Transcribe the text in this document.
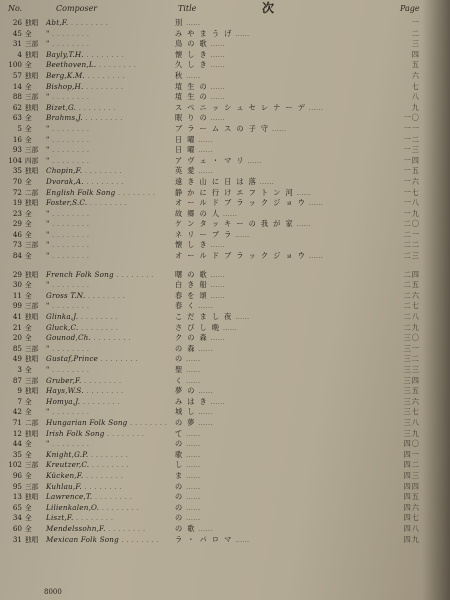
No.	Composer	Title	次	Page
26 独唱	Abt,F. . . .	別 ……	一
45 全	" . . .	み や ま う げ ……	二
31 三部	" . . .	鳥 の 歌 ……	三
4 独唱	Bayly,T.H. . . .	懐 し き ……	四
100 全	Beethoven,L. . . .	久 し き ……	五
57 独唱	Berg,K.M. . . .	秋 ……	六
14 全	Bishop,H. . . .	埴 生 の ……	七
88 三部	" . . .	埴 生 の ……	八
62 独唱	Bizet,G. . . .	ス ぺ ニ ッ シ ュ セ レ ナ ー デ ……	九
63 全	Brahms,J. . . .	眠 り の ……	一〇
5 全	" . . .	ブ ラ ー ム ス の 子 守 ……	一一
16 全	" . . .	日 曜 ……	一二
93 三部	" . . .	日 曜 ……	一三
104 四部	" . . .	ア ヴ ェ ・ マ リ ……	一四
35 独唱	Chopin,F. . . .	英 愛 ……	一五
70 全	Dvorak,A. . . .	遠 き 山 に 日 は 落 ……	一六
72 二部	English Folk Song . . .	静 か に 行 け エ フ ト ン 河 ……	一七
19 独唱	Foster,S.C. . . .	オ ー ル ド ブ ラ ッ ク ジ ョ ウ ……	一八
23 全	" . . .	故 郷 の 人 ……	一九
29 全	" . . .	ケ ン タ ッ キ ー の 我 が 家 ……	二〇
46 全	" . . .	ネ リ ー ブ ラ ……	二一
73 三部	" . . .	懐 し き ……	二二
84 全	" . . .	オ ー ル ド ブ ラ ッ ク ジ ョ ウ ……	二三
29 独唱	French Folk Song . . .	曙 の 歌 ……	二四
30 全	" . . .	白 き 船 ……	二五
11 全	Gross T.N. . . .	春 を 頌 ……	二六
99 三部	" . . .	春 く ……	二七
41 独唱	Glinka,J. . . .	こ だ ま し 夜 ……	二八
21 全	Gluck,C. . . .	さ び し 晩 ……	二九
20 全	Gounod,Ch. . . .	ク の 森 ……	三〇
85 三部	" . . .	の 森 ……	三一
49 独唱	Gustaf,Prince . . .	の ……	三二
3 全	" . . .	聖 ……	三三
87 三部	Gruber,F. . . .	く ……	三四
9 独唱	Hays,W.S. . . .	夢 の ……	三五
7 全	Homya,J. . . .	み は き ……	三六
42 全	" . . .	城 し ……	三七
71 二部	Hungarian Folk Song . . .	の 夢 ……	三八
12 独唱	Irish Folk Song . . .	て ……	三九
44 全	" . . .	の ……	四〇
35 全	Knight,G.P. . . .	歌 ……	四一
102 三部	Kreutzer,C. . . .	し ……	四二
96 全	Kücken,F. . . .	ま ……	四三
95 三部	Kuhlau,F. . . .	の ……	四四
13 独唱	Lawrence,T. . . .	の ……	四五
65 全	Lilienkalen,O. . . .	の ……	四六
34 全	Liszt,F. . . .	の ……	四七
60 全	Mendelssohn,F. . . .	の 歌 ……	四八
31 独唱	Mexican Folk Song . . .	ラ ・ パ ロ マ ……	四九
8000
